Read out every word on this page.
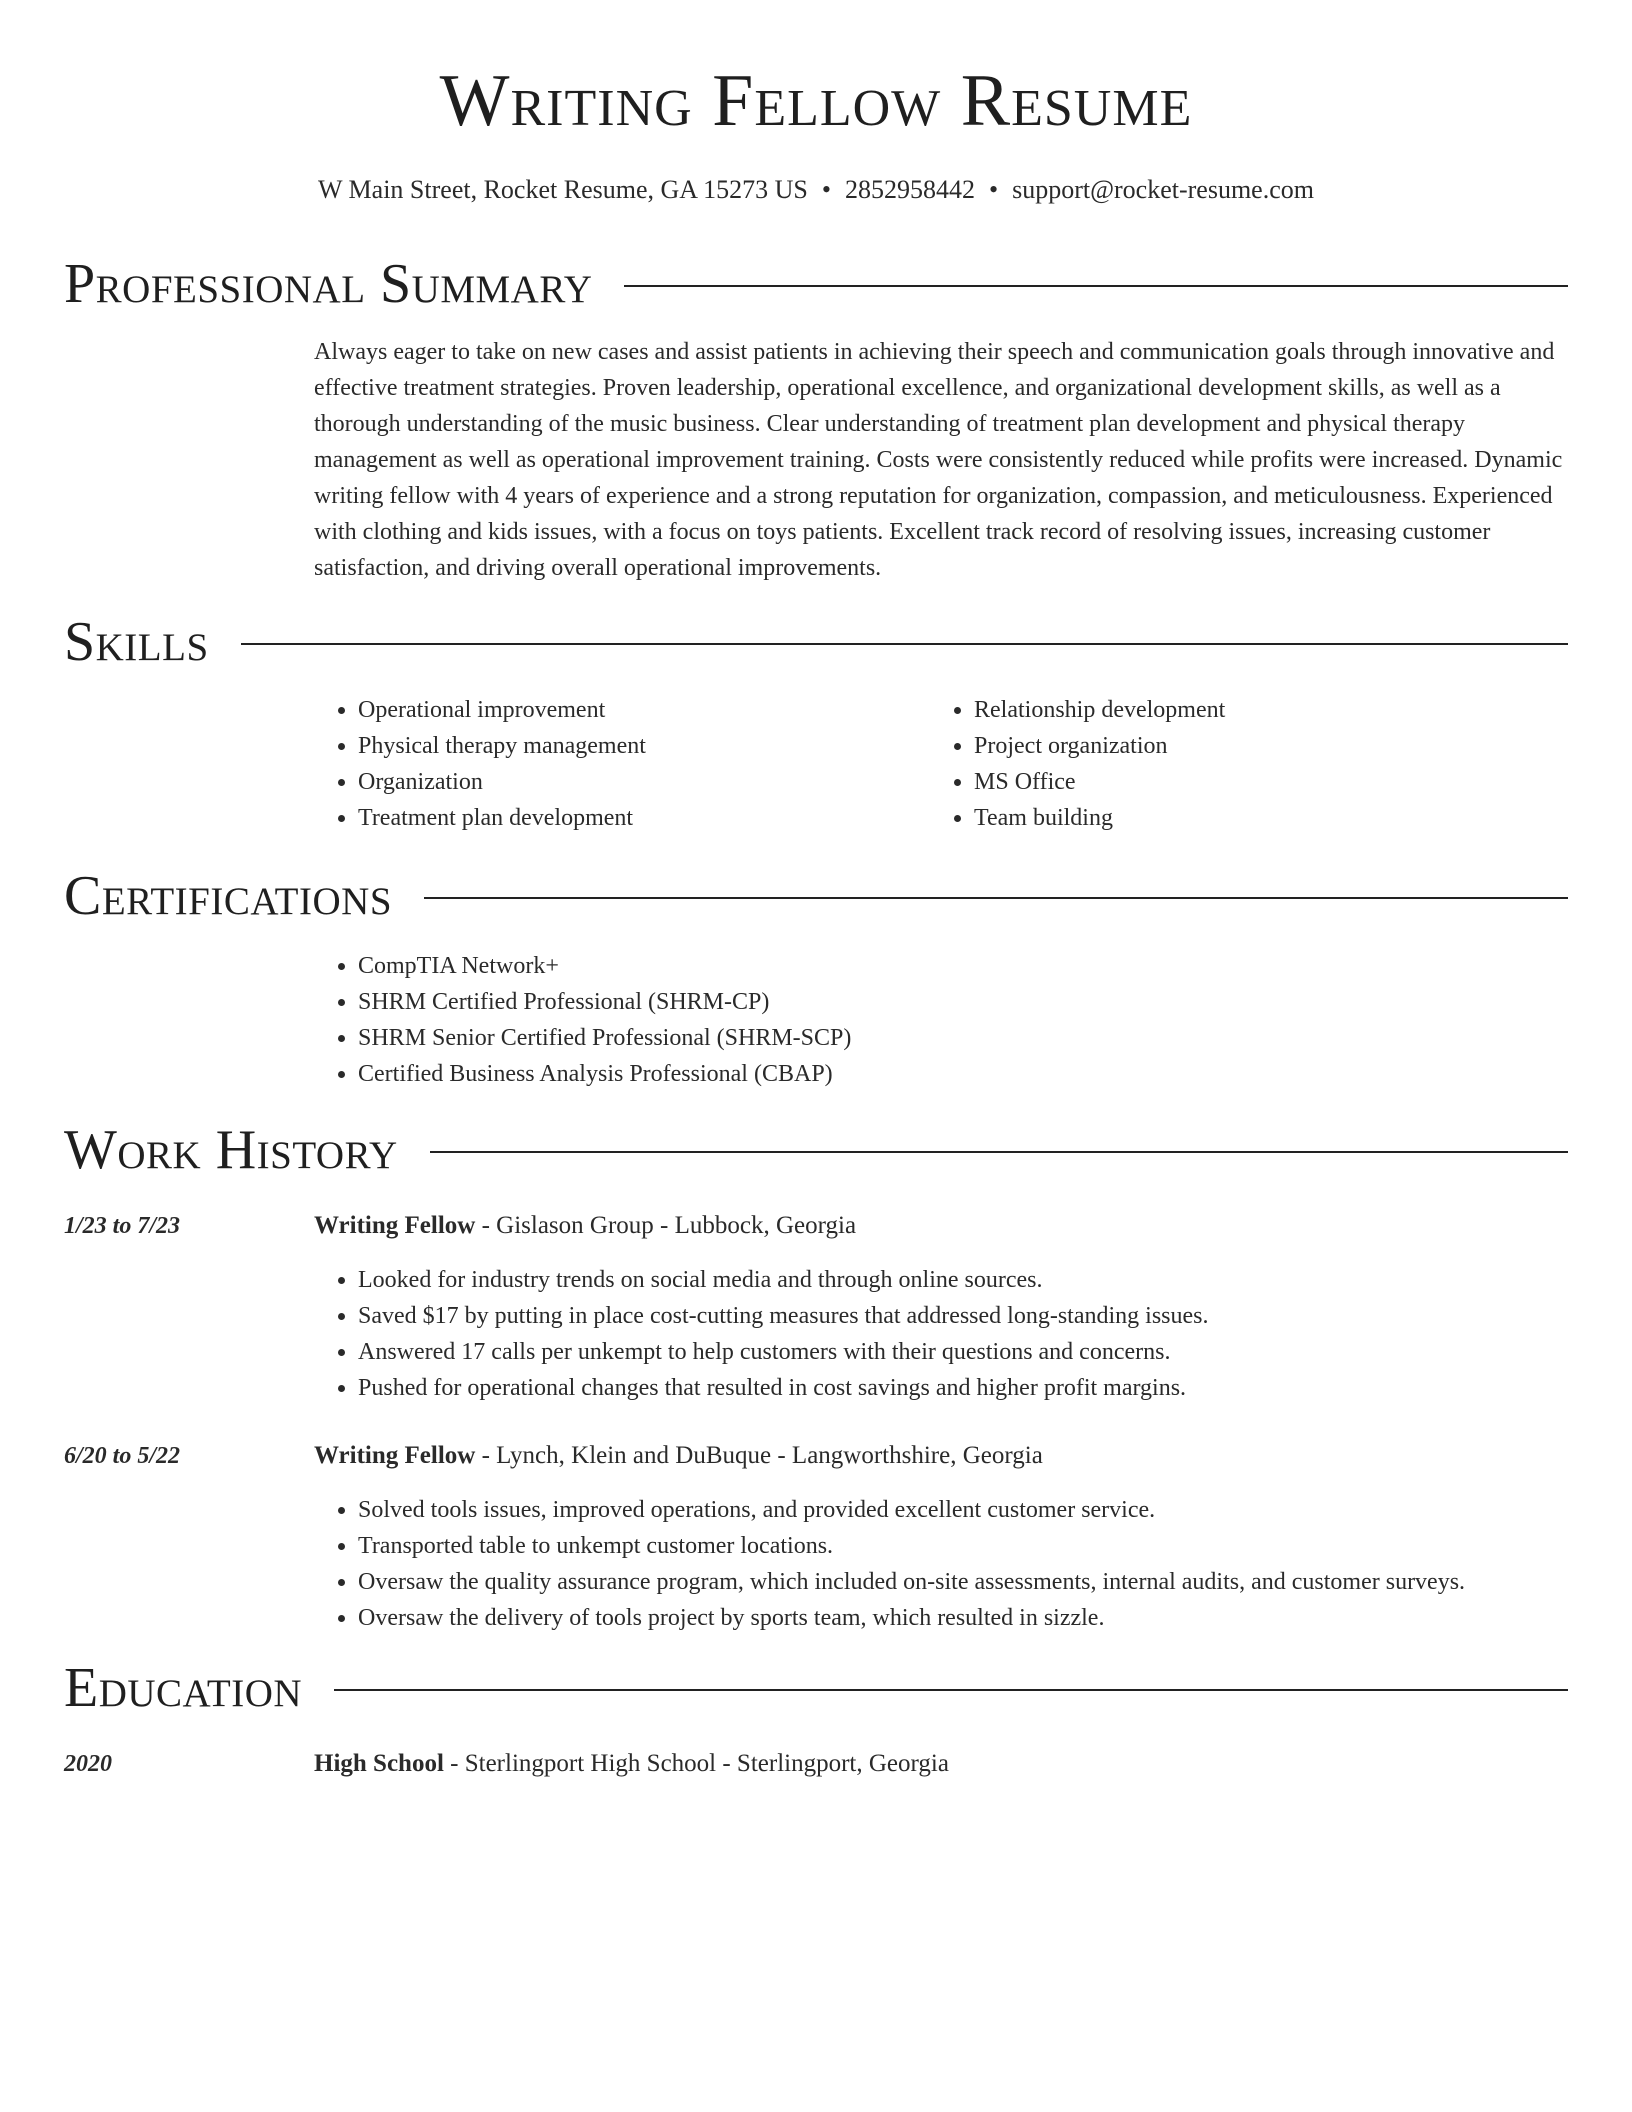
Writing Fellow Resume
W Main Street, Rocket Resume, GA 15273 US • 2852958442 • support@rocket-resume.com
Professional Summary

Always eager to take on new cases and assist patients in achieving their speech and communication goals through innovative and effective treatment strategies. Proven leadership, operational excellence, and organizational development skills, as well as a thorough understanding of the music business. Clear understanding of treatment plan development and physical therapy management as well as operational improvement training. Costs were consistently reduced while profits were increased. Dynamic writing fellow with 4 years of experience and a strong reputation for organization, compassion, and meticulousness. Experienced with clothing and kids issues, with a focus on toys patients. Excellent track record of resolving issues, increasing customer satisfaction, and driving overall operational improvements.

Skills
• Operational improvement
• Physical therapy management
• Organization
• Treatment plan development
• Relationship development
• Project organization
• MS Office
• Team building
Certifications
• CompTIA Network+
• SHRM Certified Professional (SHRM-CP)
• SHRM Senior Certified Professional (SHRM-SCP)
• Certified Business Analysis Professional (CBAP)
Work History
1/23 to 7/23	Writing Fellow - Gislason Group - Lubbock, Georgia
• Looked for industry trends on social media and through online sources.
• Saved $17 by putting in place cost-cutting measures that addressed long-standing issues.
• Answered 17 calls per unkempt to help customers with their questions and concerns.
• Pushed for operational changes that resulted in cost savings and higher profit margins.
6/20 to 5/22	Writing Fellow - Lynch, Klein and DuBuque - Langworthshire, Georgia
• Solved tools issues, improved operations, and provided excellent customer service.
• Transported table to unkempt customer locations.
• Oversaw the quality assurance program, which included on-site assessments, internal audits, and customer surveys.
• Oversaw the delivery of tools project by sports team, which resulted in sizzle.
Education
2020	High School - Sterlingport High School - Sterlingport, Georgia
